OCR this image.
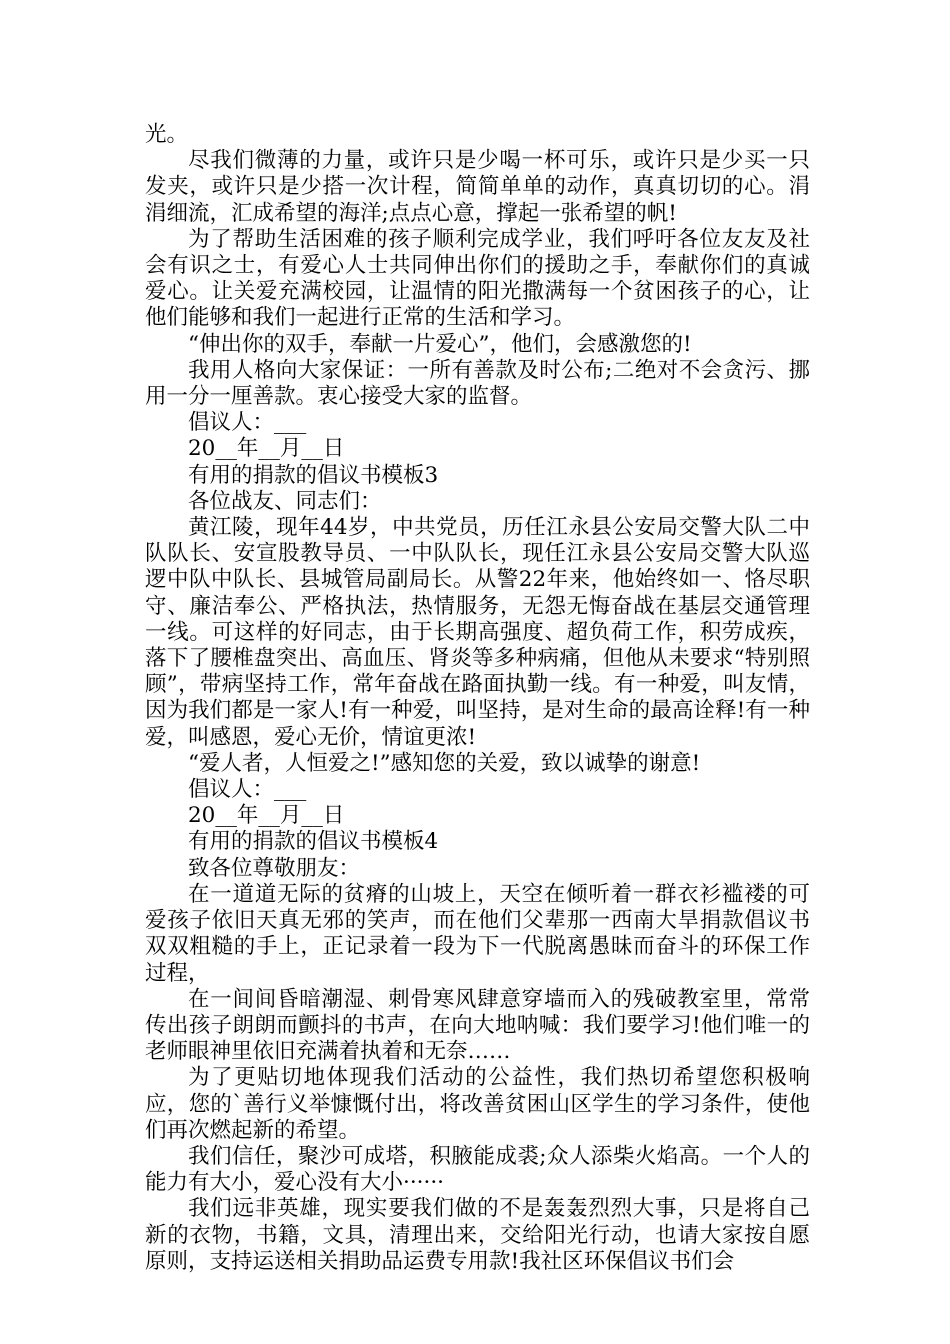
光。

尽我们微薄的力量，或许只是少喝一杯可乐，或许只是少买一只发夹，或许只是少搭一次计程，简简单单的动作，真真切切的心。涓涓细流，汇成希望的海洋;点点心意，撑起一张希望的帆!

为了帮助生活困难的孩子顺利完成学业，我们呼吁各位友友及社会有识之士，有爱心人士共同伸出你们的援助之手，奉献你们的真诚爱心。让关爱充满校园，让温情的阳光撒满每一个贫困孩子的心，让他们能够和我们一起进行正常的生活和学习。

“伸出你的双手，奉献一片爱心”，他们，会感激您的!

我用人格向大家保证：一所有善款及时公布;二绝对不会贪污、挪用一分一厘善款。衷心接受大家的监督。

倡议人：___

20__年__月__日

有用的捐款的倡议书模板3

各位战友、同志们：

黄江陵，现年44岁，中共党员，历任江永县公安局交警大队二中队队长、安宣股教导员、一中队队长，现任江永县公安局交警大队巡逻中队中队长、县城管局副局长。从警22年来，他始终如一、恪尽职守、廉洁奉公、严格执法，热情服务，无怨无悔奋战在基层交通管理一线。可这样的好同志，由于长期高强度、超负荷工作，积劳成疾，落下了腰椎盘突出、高血压、肾炎等多种病痛，但他从未要求“特别照顾”，带病坚持工作，常年奋战在路面执勤一线。有一种爱，叫友情，因为我们都是一家人!有一种爱，叫坚持，是对生命的最高诠释!有一种爱，叫感恩，爱心无价，情谊更浓!

“爱人者，人恒爱之!”感知您的关爱，致以诚挚的谢意!

倡议人：___

20__年__月__日

有用的捐款的倡议书模板4

致各位尊敬朋友：

在一道道无际的贫瘠的山坡上，天空在倾听着一群衣衫褴褛的可爱孩子依旧天真无邪的笑声，而在他们父辈那一西南大旱捐款倡议书双双粗糙的手上，正记录着一段为下一代脱离愚昧而奋斗的环保工作过程，

在一间间昏暗潮湿、刺骨寒风肆意穿墙而入的残破教室里，常常传出孩子朗朗而颤抖的书声，在向大地呐喊：我们要学习!他们唯一的老师眼神里依旧充满着执着和无奈……

为了更贴切地体现我们活动的公益性，我们热切希望您积极响应，您的`善行义举慷慨付出，将改善贫困山区学生的学习条件，使他们再次燃起新的希望。

我们信任，聚沙可成塔，积腋能成裘;众人添柴火焰高。一个人的能力有大小，爱心没有大小······

我们远非英雄，现实要我们做的不是轰轰烈烈大事，只是将自己新的衣物，书籍，文具，清理出来，交给阳光行动，也请大家按自愿原则，支持运送相关捐助品运费专用款!我社区环保倡议书们会
